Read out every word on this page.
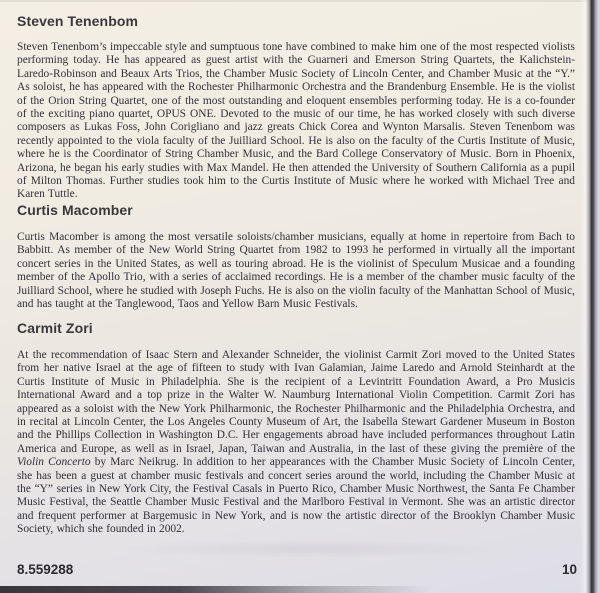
Steven Tenenbom

Steven Tenenbom’s impeccable style and sumptuous tone have combined to make him one of the most respected violists performing today. He has appeared as guest artist with the Guarneri and Emerson String Quartets, the Kalichstein-Laredo-Robinson and Beaux Arts Trios, the Chamber Music Society of Lincoln Center, and Chamber Music at the “Y.” As soloist, he has appeared with the Rochester Philharmonic Orchestra and the Brandenburg Ensemble. He is the violist of the Orion String Quartet, one of the most outstanding and eloquent ensembles performing today. He is a co-founder of the exciting piano quartet, OPUS ONE. Devoted to the music of our time, he has worked closely with such diverse composers as Lukas Foss, John Corigliano and jazz greats Chick Corea and Wynton Marsalis. Steven Tenenbom was recently appointed to the viola faculty of the Juilliard School. He is also on the faculty of the Curtis Institute of Music, where he is the Coordinator of String Chamber Music, and the Bard College Conservatory of Music. Born in Phoenix, Arizona, he began his early studies with Max Mandel. He then attended the University of Southern California as a pupil of Milton Thomas. Further studies took him to the Curtis Institute of Music where he worked with Michael Tree and Karen Tuttle.

Curtis Macomber

Curtis Macomber is among the most versatile soloists/chamber musicians, equally at home in repertoire from Bach to Babbitt. As member of the New World String Quartet from 1982 to 1993 he performed in virtually all the important concert series in the United States, as well as touring abroad. He is the violinist of Speculum Musicae and a founding member of the Apollo Trio, with a series of acclaimed recordings. He is a member of the chamber music faculty of the Juilliard School, where he studied with Joseph Fuchs. He is also on the violin faculty of the Manhattan School of Music, and has taught at the Tanglewood, Taos and Yellow Barn Music Festivals.

Carmit Zori

At the recommendation of Isaac Stern and Alexander Schneider, the violinist Carmit Zori moved to the United States from her native Israel at the age of fifteen to study with Ivan Galamian, Jaime Laredo and Arnold Steinhardt at the Curtis Institute of Music in Philadelphia. She is the recipient of a Levintritt Foundation Award, a Pro Musicis International Award and a top prize in the Walter W. Naumburg International Violin Competition. Carmit Zori has appeared as a soloist with the New York Philharmonic, the Rochester Philharmonic and the Philadelphia Orchestra, and in recital at Lincoln Center, the Los Angeles County Museum of Art, the Isabella Stewart Gardener Museum in Boston and the Phillips Collection in Washington D.C. Her engagements abroad have included performances throughout Latin America and Europe, as well as in Israel, Japan, Taiwan and Australia, in the last of these giving the première of the Violin Concerto by Marc Neikrug. In addition to her appearances with the Chamber Music Society of Lincoln Center, she has been a guest at chamber music festivals and concert series around the world, including the Chamber Music at the “Y” series in New York City, the Festival Casals in Puerto Rico, Chamber Music Northwest, the Santa Fe Chamber Music Festival, the Seattle Chamber Music Festival and the Marlboro Festival in Vermont. She was an artistic director and frequent performer at Bargemusic in New York, and is now the artistic director of the Brooklyn Chamber Music Society, which she founded in 2002.

8.559288	10
